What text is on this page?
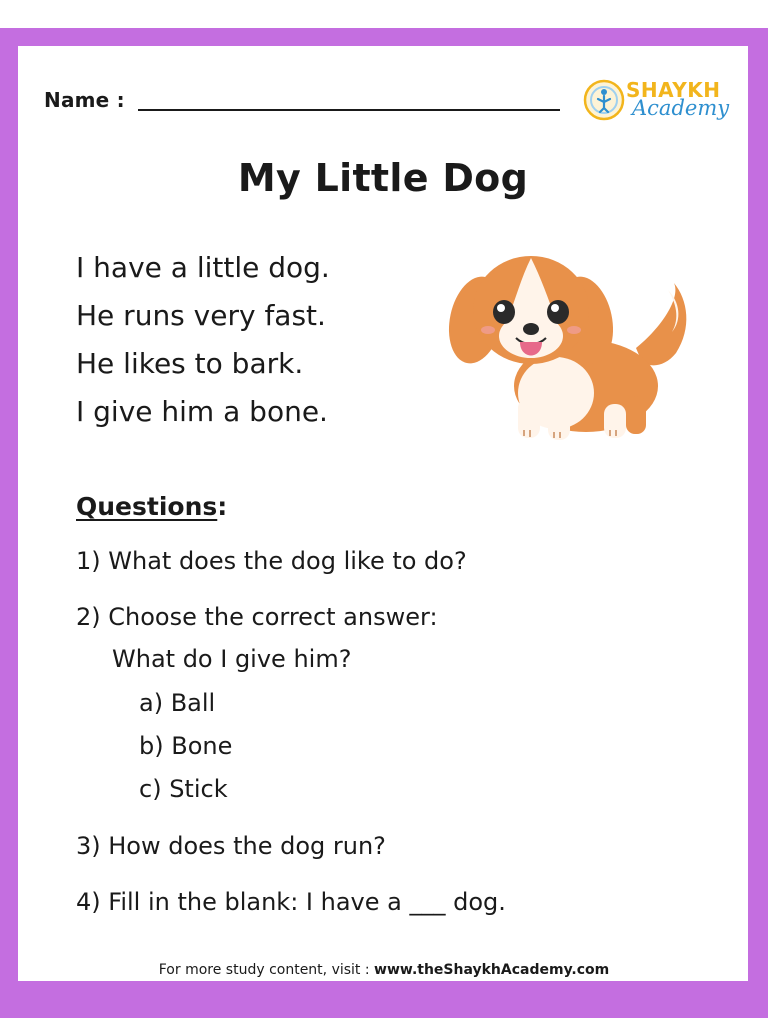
Name :	SHAYKH
Academy
My Little Dog
I have a little dog.
He runs very fast.
He likes to bark.
I give him a bone.
Questions:
1) What does the dog like to do?
2) Choose the correct answer:
What do I give him?
a) Ball
b) Bone
c) Stick
3) How does the dog run?
4) Fill in the blank: I have a ___ dog.
For more study content, visit : www.theShaykhAcademy.com
